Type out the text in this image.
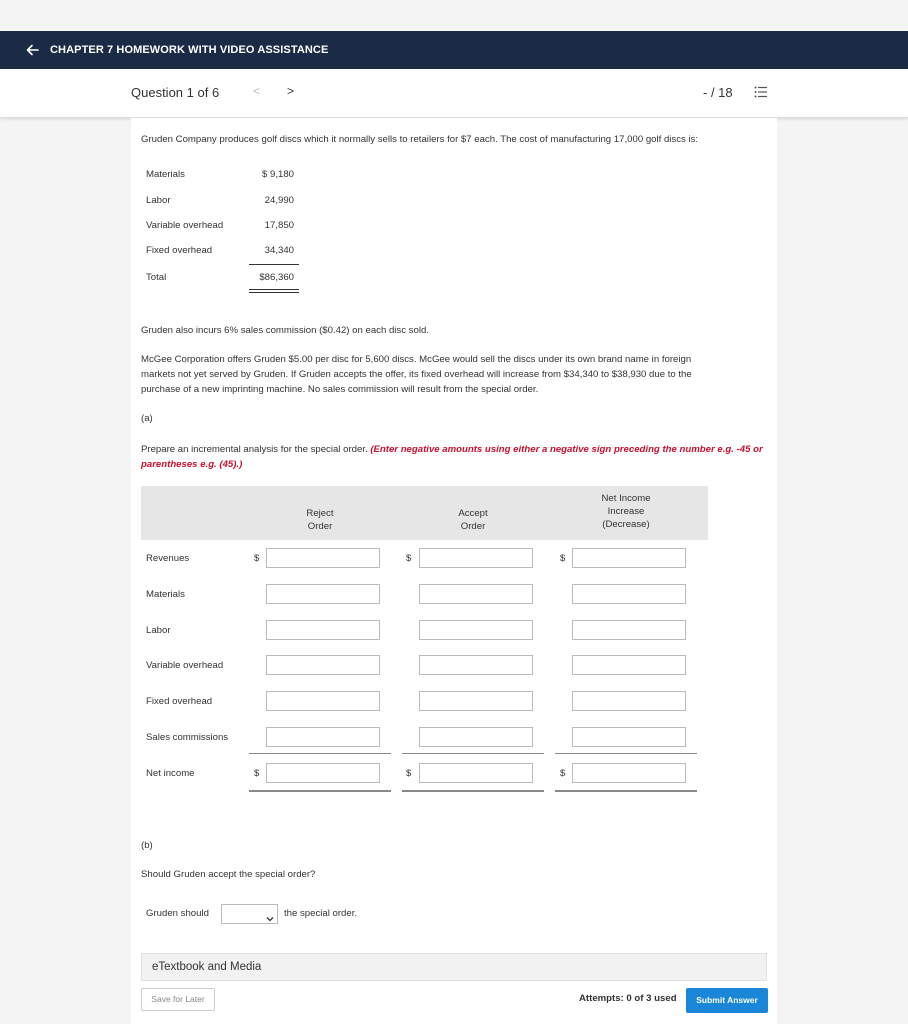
CHAPTER 7 HOMEWORK WITH VIDEO ASSISTANCE
Question 1 of 6	< >	- / 18
Gruden Company produces golf discs which it normally sells to retailers for $7 each. The cost of manufacturing 17,000 golf discs is:
Materials	$ 9,180
Labor	24,990
Variable overhead	17,850
Fixed overhead	34,340
Total	$86,360
Gruden also incurs 6% sales commission ($0.42) on each disc sold.
McGee Corporation offers Gruden $5.00 per disc for 5,600 discs. McGee would sell the discs under its own brand name in foreign
markets not yet served by Gruden. If Gruden accepts the offer, its fixed overhead will increase from $34,340 to $38,930 due to the
purchase of a new imprinting machine. No sales commission will result from the special order.
(a)
Prepare an incremental analysis for the special order. (Enter negative amounts using either a negative sign preceding the number e.g. -45 or
parentheses e.g. (45).)
Reject
Order
Accept
Order
Net Income
Increase
(Decrease)
Revenues	$	$	$
Materials
Labor
Variable overhead
Fixed overhead
Sales commissions
Net income	$	$	$
(b)
Should Gruden accept the special order?
Gruden should	the special order.
eTextbook and Media
Save for Later	Attempts: 0 of 3 used	Submit Answer
